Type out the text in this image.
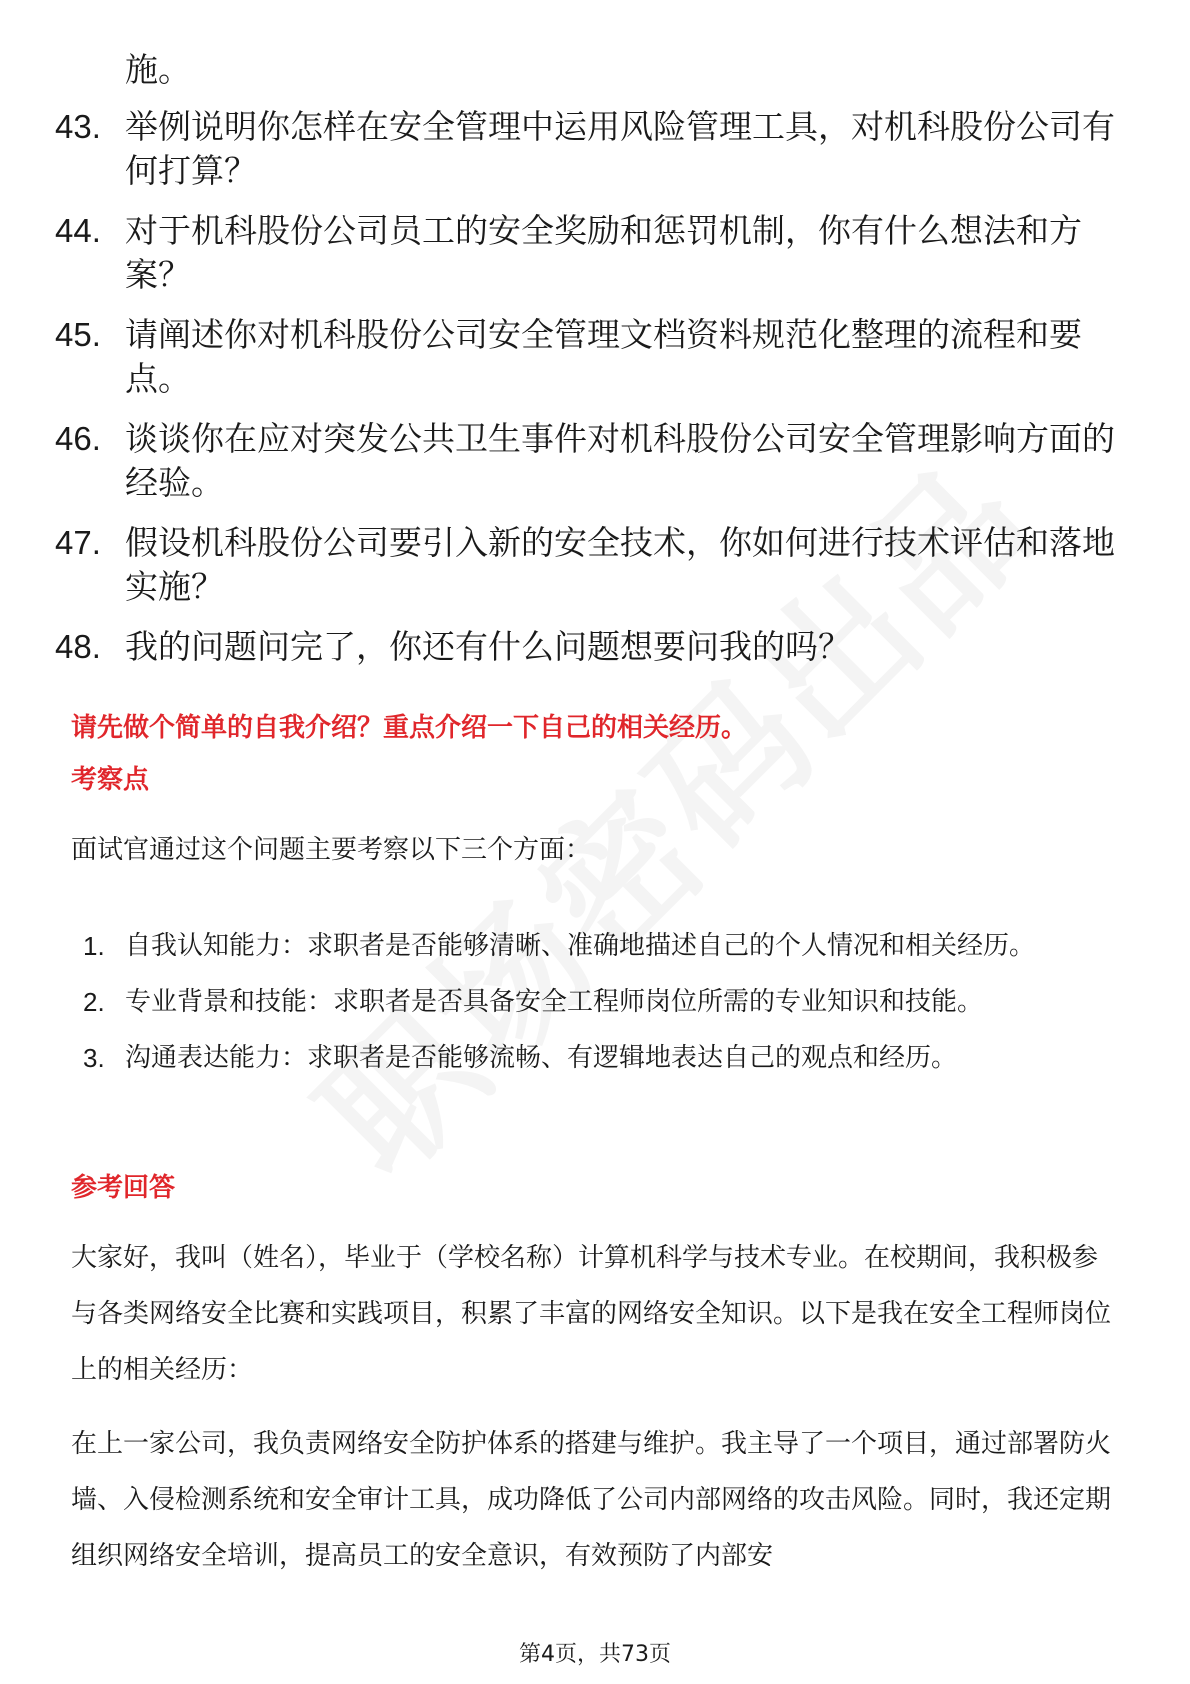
施。
43. 举例说明你怎样在安全管理中运用风险管理工具，对机科股份公司有何打算？
44. 对于机科股份公司员工的安全奖励和惩罚机制，你有什么想法和方案？
45. 请阐述你对机科股份公司安全管理文档资料规范化整理的流程和要点。
46. 谈谈你在应对突发公共卫生事件对机科股份公司安全管理影响方面的经验。
47. 假设机科股份公司要引入新的安全技术，你如何进行技术评估和落地实施？
48. 我的问题问完了，你还有什么问题想要问我的吗？
请先做个简单的自我介绍？重点介绍一下自己的相关经历。
考察点
面试官通过这个问题主要考察以下三个方面：
1. 自我认知能力：求职者是否能够清晰、准确地描述自己的个人情况和相关经历。
2. 专业背景和技能：求职者是否具备安全工程师岗位所需的专业知识和技能。
3. 沟通表达能力：求职者是否能够流畅、有逻辑地表达自己的观点和经历。
参考回答
大家好，我叫（姓名），毕业于（学校名称）计算机科学与技术专业。在校期间，我积极参与各类网络安全比赛和实践项目，积累了丰富的网络安全知识。以下是我在安全工程师岗位上的相关经历：
在上一家公司，我负责网络安全防护体系的搭建与维护。我主导了一个项目，通过部署防火墙、入侵检测系统和安全审计工具，成功降低了公司内部网络的攻击风险。同时，我还定期组织网络安全培训，提高员工的安全意识，有效预防了内部安
第4页，共73页
